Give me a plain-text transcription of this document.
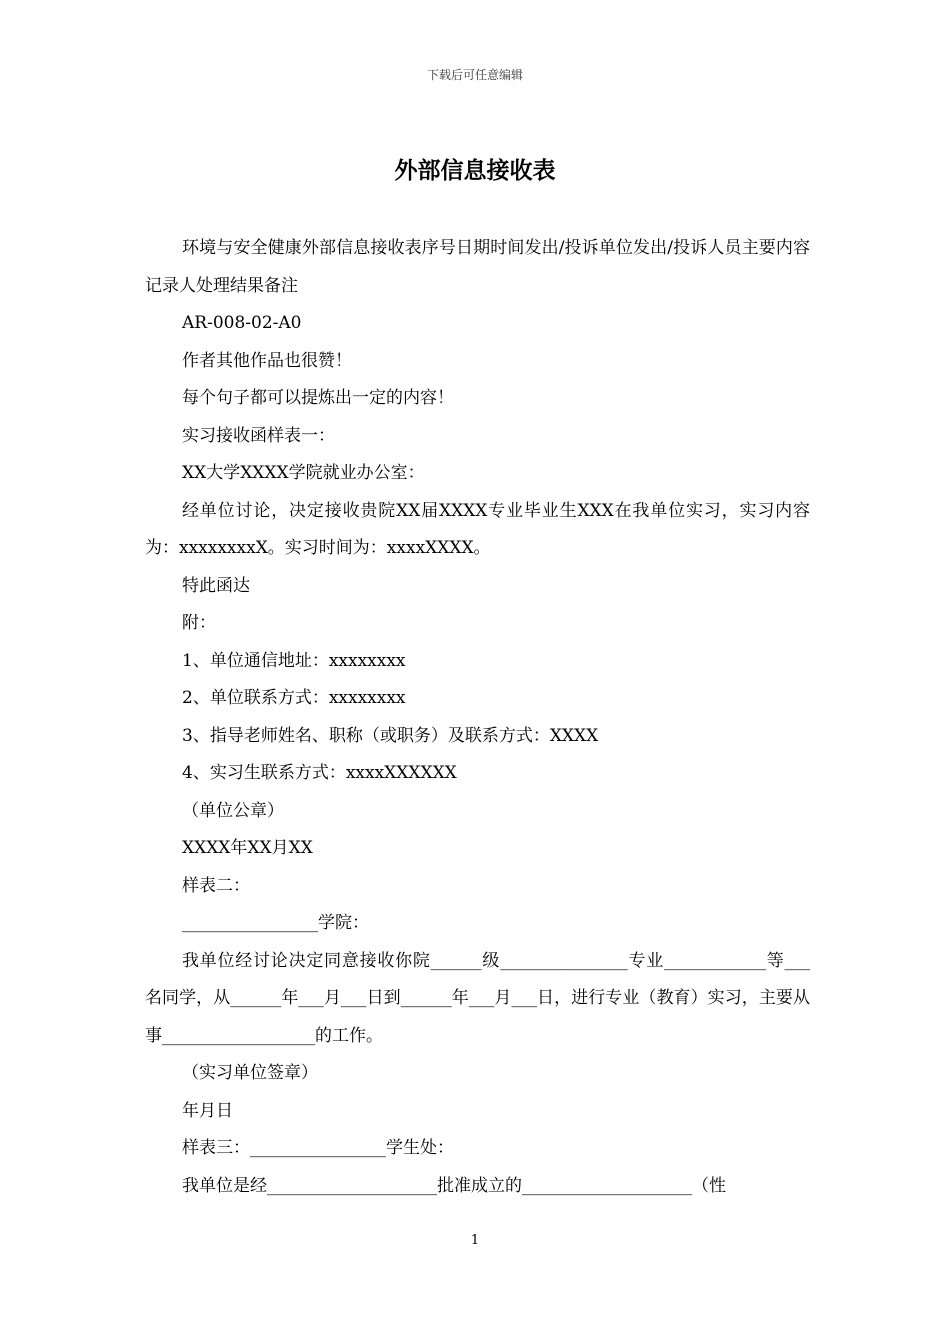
下载后可任意编辑
外部信息接收表

环境与安全健康外部信息接收表序号日期时间发出/投诉单位发出/投诉人员主要内容记录人处理结果备注

AR-008-02-A0

作者其他作品也很赞！

每个句子都可以提炼出一定的内容！

实习接收函样表一：

XX大学XXXX学院就业办公室：

经单位讨论，决定接收贵院XX届XXXX专业毕业生XXX在我单位实习，实习内容为：xxxxxxxxX。实习时间为：xxxxXXXX。

特此函达

附：

1、单位通信地址：xxxxxxxx

2、单位联系方式：xxxxxxxx

3、指导老师姓名、职称（或职务）及联系方式：XXXX

4、实习生联系方式：xxxxXXXXXX

（单位公章）

XXXX年XX月XX

样表二：

________________学院：

我单位经讨论决定同意接收你院______级_______________专业____________等___名同学，从______年___月___日到______年___月___日，进行专业（教育）实习，主要从事__________________的工作。

（实习单位签章）

年月日

样表三：________________学生处：

我单位是经____________________批准成立的____________________（性

1
